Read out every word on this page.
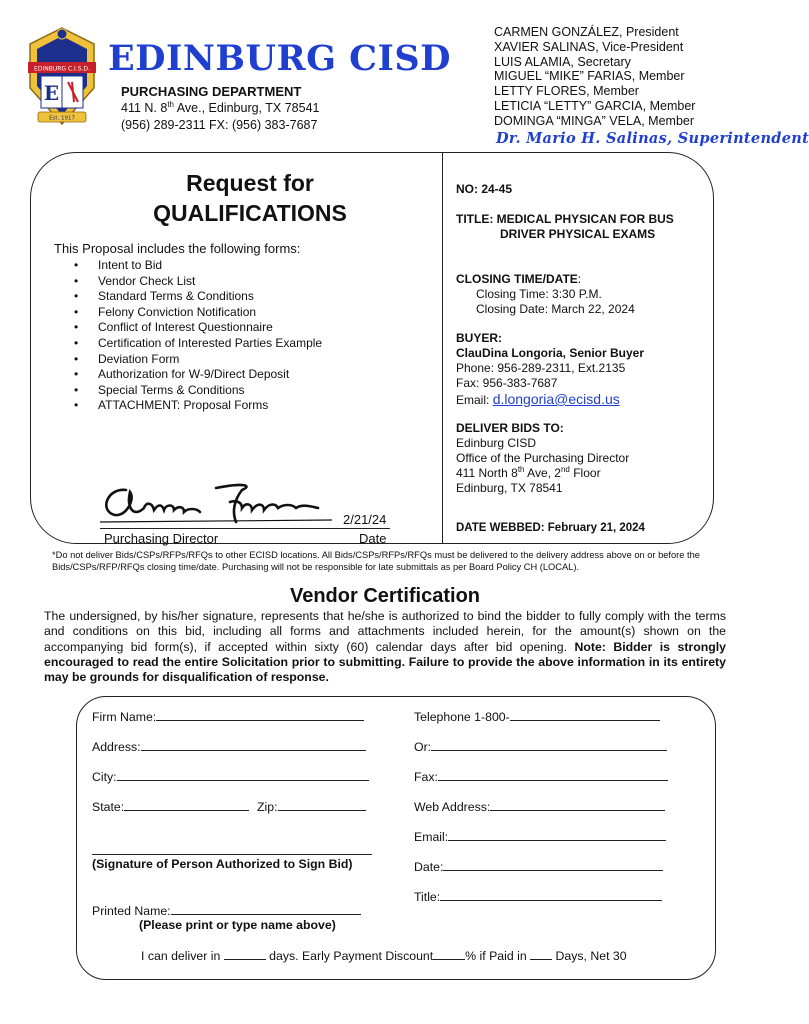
EDINBURG C.I.S.D.
E
Est. 1917
EDINBURG CISD
PURCHASING DEPARTMENT
411 N. 8th Ave., Edinburg, TX 78541
(956) 289-2311 FX: (956) 383-7687
CARMEN GONZÁLEZ, President
XAVIER SALINAS, Vice-President
LUIS ALAMIA, Secretary
MIGUEL “MIKE” FARIAS, Member
LETTY FLORES, Member
LETICIA “LETTY” GARCIA, Member
DOMINGA “MINGA” VELA, Member
Dr. Mario H. Salinas, Superintendent
Request for
QUALIFICATIONS
This Proposal includes the following forms:
• Intent to Bid
• Vendor Check List
• Standard Terms & Conditions
• Felony Conviction Notification
• Conflict of Interest Questionnaire
• Certification of Interested Parties Example
• Deviation Form
• Authorization for W-9/Direct Deposit
• Special Terms & Conditions
• ATTACHMENT: Proposal Forms
2/21/24
Purchasing Director	Date
NO: 24-45
TITLE: MEDICAL PHYSICAN FOR BUS
DRIVER PHYSICAL EXAMS
CLOSING TIME/DATE:
Closing Time: 3:30 P.M.
Closing Date: March 22, 2024
BUYER:
ClauDina Longoria, Senior Buyer
Phone: 956-289-2311, Ext.2135
Fax: 956-383-7687
Email: d.longoria@ecisd.us
DELIVER BIDS TO:
Edinburg CISD
Office of the Purchasing Director
411 North 8th Ave, 2nd Floor
Edinburg, TX 78541
DATE WEBBED: February 21, 2024
*Do not deliver Bids/CSPs/RFPs/RFQs to other ECISD locations. All Bids/CSPs/RFPs/RFQs must be delivered to the delivery address above on or before the Bids/CSPs/RFP/RFQs closing time/date. Purchasing will not be responsible for late submittals as per Board Policy CH (LOCAL).
Vendor Certification
The undersigned, by his/her signature, represents that he/she is authorized to bind the bidder to fully comply with the terms and conditions on this bid, including all forms and attachments included herein, for the amount(s) shown on the accompanying bid form(s), if accepted within sixty (60) calendar days after bid opening. Note: Bidder is strongly encouraged to read the entire Solicitation prior to submitting. Failure to provide the above information in its entirety may be grounds for disqualification of response.
Firm Name:	Telephone 1-800-
Address:	Or:
City:	Fax:
State:	Zip:	Web Address:
Email:
(Signature of Person Authorized to Sign Bid)	Date:
Title:
Printed Name:
(Please print or type name above)
I can deliver in	days. Early Payment Discount	% if Paid in  Days, Net 30
